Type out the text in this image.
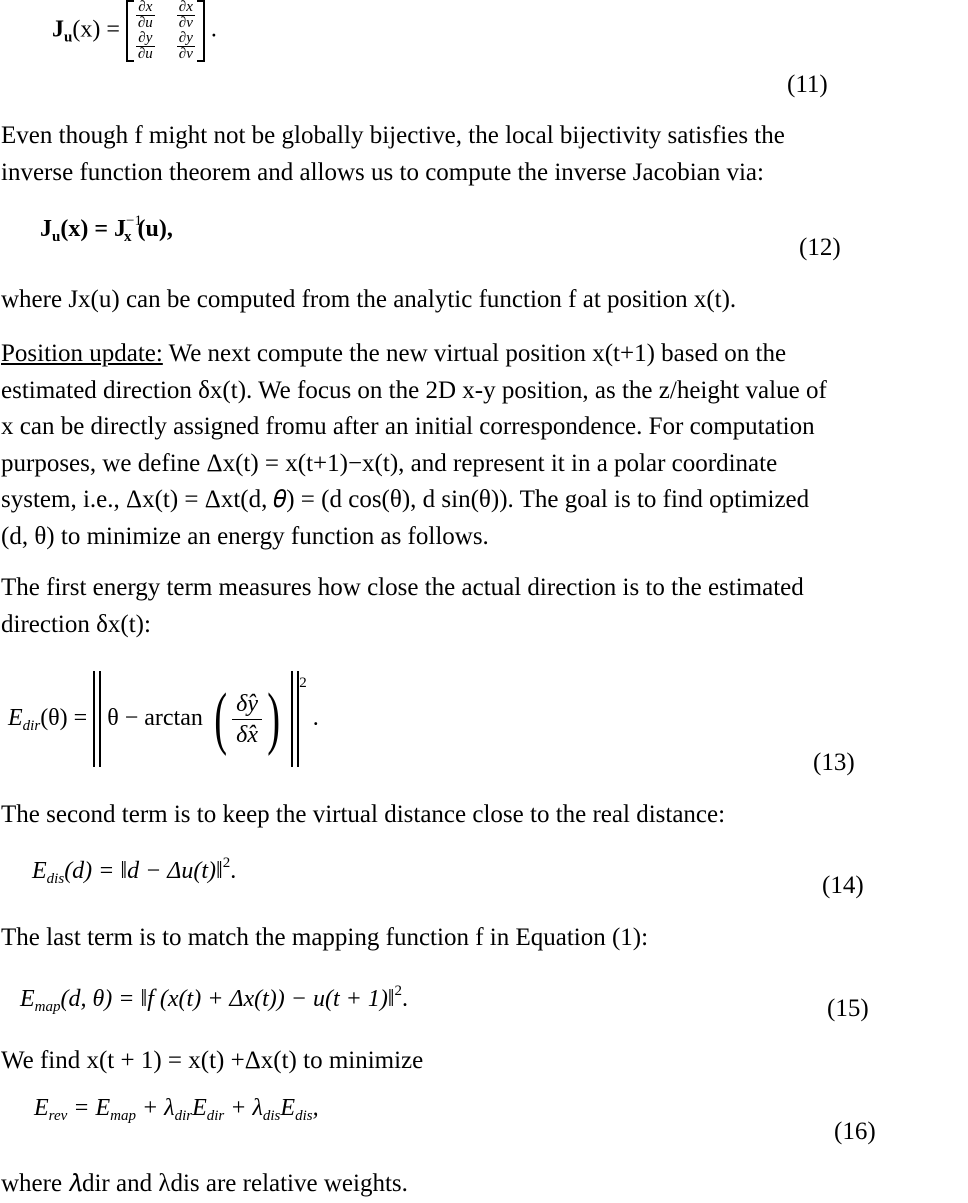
$J_u(x) = \frac{\partial x}{\partial u} \frac{\partial x}{\partial v}$
$\frac{\partial y}{\partial u} \frac{\partial y}{\partial v}$
.
(11)

Even though f might not be globally bijective, the local bijectivity satisfies the
inverse function theorem and allows us to compute the inverse Jacobian via:

$J_u(x) = J^{-1}_x$ (u),
(12)

where Jx(u) can be computed from the analytic function f at position x(t).

Position update: We next compute the new virtual position x(t+1) based on the
estimated direction δx(t). We focus on the 2D x-y position, as the z/height value of
x can be directly assigned fromu after an initial correspondence. For computation
purposes, we define Δx(t) = x(t+1)−x(t), and represent it in a polar coordinate
system, i.e., Δx(t) = Δxt(d, 𝜃) = (d cos(θ), d sin(θ)). The goal is to find optimized
(d, θ) to minimize an energy function as follows.

The first energy term measures how close the actual direction is to the estimated
direction δx(t):

$E_{dir}(\theta) = \theta - \arctan$ ( $\frac{\deltây}{\deltâx}$ ) $^2$ .
(13)

The second term is to keep the virtual distance close to the real distance:

$E_{dis}(d)$ = ‖d − Δu(t)‖$^2$.
(14)

The last term is to match the mapping function f in Equation (1):

$E_{map}(d$, θ) = ‖f (x(t) + Δx(t)) − u(t + 1)‖$^2$.	(15)

We find x(t + 1) = x(t) +Δx(t) to minimize

$E_{rev} = E_{map} + \lambda_{dir}E_{dir} + \lambda_{dis}E_{dis}$,
(16)

where 𝜆dir and λdis are relative weights.
